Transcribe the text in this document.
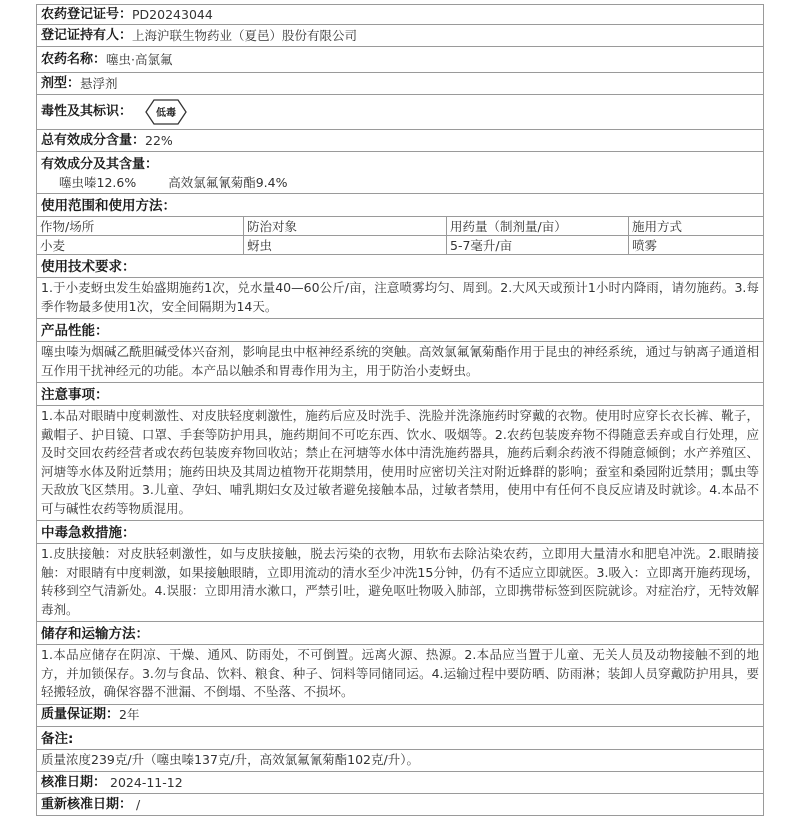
农药登记证号： PD20243044
登记证持有人： 上海沪联生物药业（夏邑）股份有限公司
农药名称： 噻虫·高氯氟
剂型： 悬浮剂
毒性及其标识： 低毒
总有效成分含量： 22%
有效成分及其含量：
噻虫嗪12.6%	高效氯氟氰菊酯9.4%
使用范围和使用方法：
作物/场所	防治对象	用药量（制剂量/亩）	施用方式
小麦	蚜虫	5-7毫升/亩	喷雾
使用技术要求：
1.于小麦蚜虫发生始盛期施药1次，兑水量40—60公斤/亩，注意喷雾均匀、周到。2.大风天或预计1小时内降雨，请勿施药。3.每季作物最多使用1次，安全间隔期为14天。
产品性能：
噻虫嗪为烟碱乙酰胆碱受体兴奋剂，影响昆虫中枢神经系统的突触。高效氯氟氰菊酯作用于昆虫的神经系统，通过与钠离子通道相互作用干扰神经元的功能。本产品以触杀和胃毒作用为主，用于防治小麦蚜虫。
注意事项：
1.本品对眼睛中度刺激性、对皮肤轻度刺激性，施药后应及时洗手、洗脸并洗涤施药时穿戴的衣物。使用时应穿长衣长裤、靴子，戴帽子、护目镜、口罩、手套等防护用具，施药期间不可吃东西、饮水、吸烟等。2.农药包装废弃物不得随意丢弃或自行处理，应及时交回农药经营者或农药包装废弃物回收站；禁止在河塘等水体中清洗施药器具，施药后剩余药液不得随意倾倒；水产养殖区、河塘等水体及附近禁用；施药田块及其周边植物开花期禁用，使用时应密切关注对附近蜂群的影响；蚕室和桑园附近禁用；瓢虫等天敌放飞区禁用。3.儿童、孕妇、哺乳期妇女及过敏者避免接触本品，过敏者禁用，使用中有任何不良反应请及时就诊。4.本品不可与碱性农药等物质混用。
中毒急救措施：
1.皮肤接触：对皮肤轻刺激性，如与皮肤接触，脱去污染的衣物，用软布去除沾染农药，立即用大量清水和肥皂冲洗。2.眼睛接触：对眼睛有中度刺激，如果接触眼睛，立即用流动的清水至少冲洗15分钟，仍有不适应立即就医。3.吸入：立即离开施药现场，转移到空气清新处。4.误服：立即用清水漱口，严禁引吐，避免呕吐物吸入肺部，立即携带标签到医院就诊。对症治疗，无特效解毒剂。
储存和运输方法：
1.本品应储存在阴凉、干燥、通风、防雨处，不可倒置。远离火源、热源。2.本品应当置于儿童、无关人员及动物接触不到的地方，并加锁保存。3.勿与食品、饮料、粮食、种子、饲料等同储同运。4.运输过程中要防晒、防雨淋；装卸人员穿戴防护用具，要轻搬轻放，确保容器不泄漏、不倒塌、不坠落、不损坏。
质量保证期： 2年
备注:
质量浓度239克/升（噻虫嗪137克/升，高效氯氟氰菊酯102克/升）。
核准日期： 2024-11-12
重新核准日期： /
